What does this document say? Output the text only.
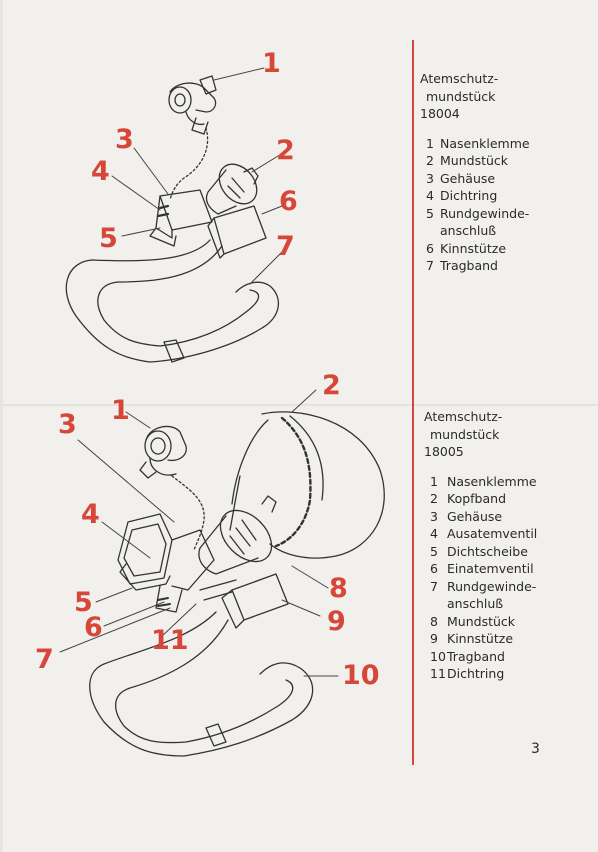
1
2
3
4
5
6
7
1
2
3
4
5
6
7
8
9
11
10
Atemschutz-
mundstück
18004
1 Nasenklemme
2 Mundstück
3 Gehäuse
4 Dichtring
5 Rundgewinde-
anschluß
6 Kinnstütze
7 Tragband
Atemschutz-
mundstück
18005
1 Nasenklemme
2 Kopfband
3 Gehäuse
4 Ausatemventil
5 Dichtscheibe
6 Einatemventil
7 Rundgewinde-
anschluß
8 Mundstück
9 Kinnstütze
10 Tragband
11 Dichtring
3
